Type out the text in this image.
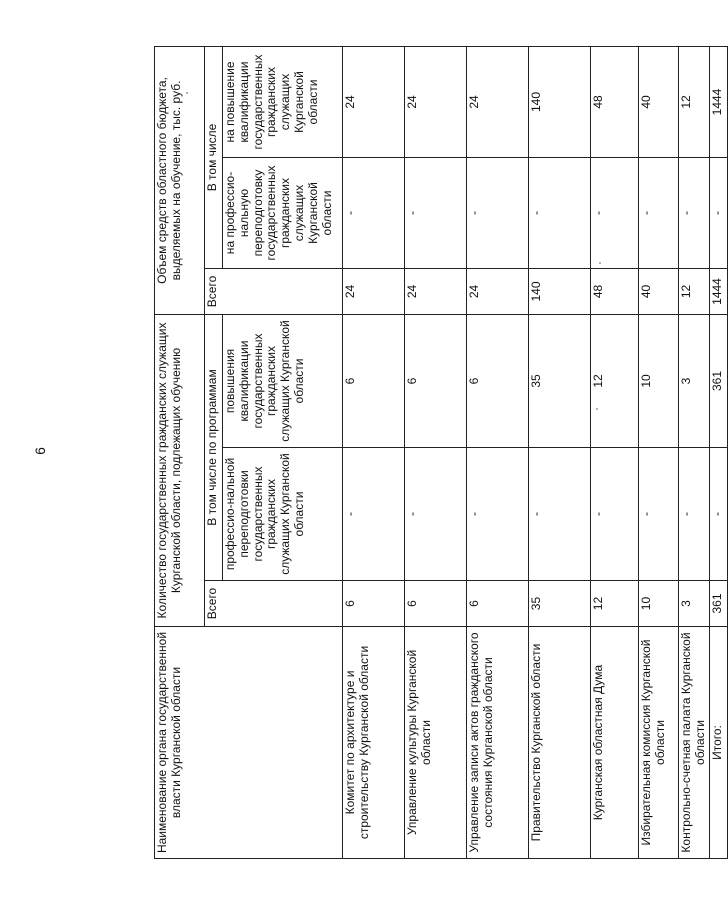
6
Наименование органа государственной власти Курганской области	Количество государственных гражданских служащих Курганской области, подлежащих обучению			Объем средств областного бюджета, выделяемых на обучение, тыс. руб.		
	Всего	В том числе по программам		Всего	В том числе	
		профессио-нальной переподготовки государственных гражданских служащих Курганской области	повышения квалификации государственных гражданских служащих Курганской области		на профессио-нальную переподготовку государственных гражданских служащих Курганской области	на повышение квалификации государственных гражданских служащих Курганской области
Комитет по архитектуре и строительству Курганской области	6	-	6	24	-	24
Управление культуры Курганской области	6	-	6	24	-	24
Управление записи актов гражданского состояния Курганской области	6	-	6	24	-	24
Правительство Курганской области	35	-	35	140	-	140
Курганская областная Дума	12	-	12	48	-	48
Избирательная комиссия Курганской области	10	-	10	40	-	40
Контрольно-счетная палата Курганской области	3	-	3	12	-	12
Итого:	361	-	361	1444	-	1444
